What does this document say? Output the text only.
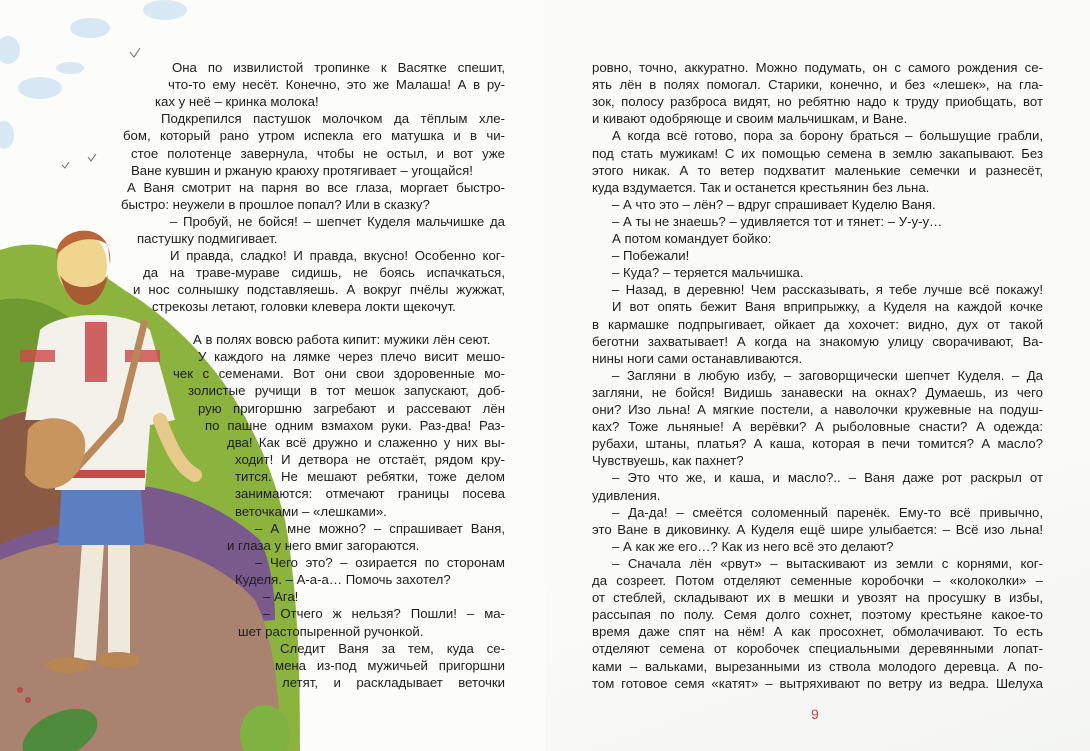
Она по извилистой тропинке к Васятке спешит,
что-то ему несёт. Конечно, это же Малаша! А в ру-
ках у неё – кринка молока!
Подкрепился пастушок молочком да тёплым хле-
бом, который рано утром испекла его матушка и в чи-
стое полотенце завернула, чтобы не остыл, и вот уже
Ване кувшин и ржаную краюху протягивает – угощайся!
А Ваня смотрит на парня во все глаза, моргает быстро-
быстро: неужели в прошлое попал? Или в сказку?
– Пробуй, не бойся! – шепчет Куделя мальчишке да
пастушку подмигивает.
И правда, сладко! И правда, вкусно! Особенно ког-
да на траве-мураве сидишь, не боясь испачкаться,
и нос солнышку подставляешь. А вокруг пчёлы жужжат,
стрекозы летают, головки клевера локти щекочут.
А в полях вовсю работа кипит: мужики лён сеют.
У каждого на лямке через плечо висит мешо-
чек с семенами. Вот они свои здоровенные мо-
золистые ручищи в тот мешок запускают, доб-
рую пригоршню загребают и рассевают лён
по пашне одним взмахом руки. Раз-два! Раз-
два! Как всё дружно и слаженно у них вы-
ходит! И детвора не отстаёт, рядом кру-
тится. Не мешают ребятки, тоже делом
занимаются: отмечают границы посева
веточками – «лешками».
– А мне можно? – спрашивает Ваня,
и глаза у него вмиг загораются.
– Чего это? – озирается по сторонам
Куделя. – А-а-а… Помочь захотел?
– Ага!
– Отчего ж нельзя? Пошли! – ма-
шет растопыренной ручонкой.
Следит Ваня за тем, куда се-
мена из-под мужичьей пригоршни
летят, и раскладывает веточки
ровно, точно, аккуратно. Можно подумать, он с самого рождения се-
ять лён в полях помогал. Старики, конечно, и без «лешек», на гла-
зок, полосу разброса видят, но ребятню надо к труду приобщать, вот
и кивают одобряюще и своим мальчишкам, и Ване.
А когда всё готово, пора за борону браться – большущие грабли,
под стать мужикам! С их помощью семена в землю закапывают. Без
этого никак. А то ветер подхватит маленькие семечки и разнесёт,
куда вздумается. Так и останется крестьянин без льна.
– А что это – лён? – вдруг спрашивает Куделю Ваня.
– А ты не знаешь? – удивляется тот и тянет: – У-у-у…
А потом командует бойко:
– Побежали!
– Куда? – теряется мальчишка.
– Назад, в деревню! Чем рассказывать, я тебе лучше всё покажу!
И вот опять бежит Ваня вприпрыжку, а Куделя на каждой кочке
в кармашке подпрыгивает, ойкает да хохочет: видно, дух от такой
беготни захватывает! А когда на знакомую улицу сворачивают, Ва-
нины ноги сами останавливаются.
– Загляни в любую избу, – заговорщически шепчет Куделя. – Да
загляни, не бойся! Видишь занавески на окнах? Думаешь, из чего
они? Изо льна! А мягкие постели, а наволочки кружевные на подуш-
ках? Тоже льняные! А верёвки? А рыболовные снасти? А одежда:
рубахи, штаны, платья? А каша, которая в печи томится? А масло?
Чувствуешь, как пахнет?
– Это что же, и каша, и масло?.. – Ваня даже рот раскрыл от
удивления.
– Да-да! – смеётся соломенный паренёк. Ему-то всё привычно,
это Ване в диковинку. А Куделя ещё шире улыбается: – Всё изо льна!
– А как же его…? Как из него всё это делают?
– Сначала лён «рвут» – вытаскивают из земли с корнями, ког-
да созреет. Потом отделяют семенные коробочки – «колоколки» –
от стеблей, складывают их в мешки и увозят на просушку в избы,
рассыпая по полу. Семя долго сохнет, поэтому крестьяне какое-то
время даже спят на нём! А как просохнет, обмолачивают. То есть
отделяют семена от коробочек специальными деревянными лопат-
ками – вальками, вырезанными из ствола молодого деревца. А по-
том готовое семя «катят» – вытряхивают по ветру из ведра. Шелуха
9
